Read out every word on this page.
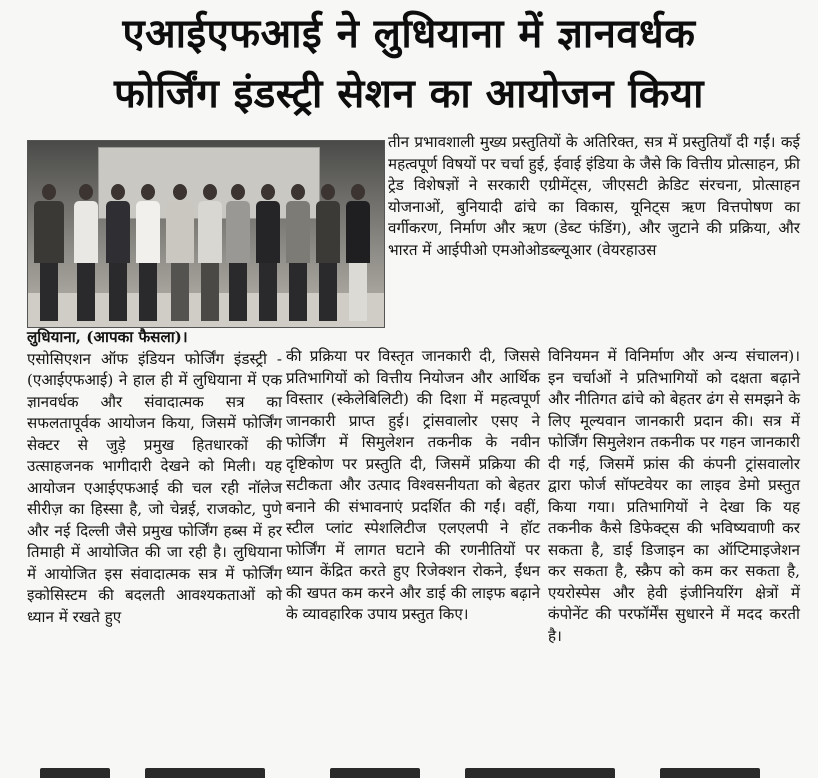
एआईएफआई ने लुधियाना में ज्ञानवर्धक
फोर्जिंग इंडस्ट्री सेशन का आयोजन किया

तीन प्रभावशाली मुख्य प्रस्तुतियों के अतिरिक्त, सत्र में प्रस्तुतियाँ दी गईं। कई महत्वपूर्ण विषयों पर चर्चा हुई, ईवाई इंडिया के जैसे कि वित्तीय प्रोत्साहन, फ्री ट्रेड विशेषज्ञों ने सरकारी एग्रीमेंट्स, जीएसटी क्रेडिट संरचना, प्रोत्साहन योजनाओं, बुनियादी ढांचे का विकास, यूनिट्स ऋण वित्तपोषण का वर्गीकरण, निर्माण और ऋण (डेब्ट फंडिंग), और जुटाने की प्रक्रिया, और भारत में आईपीओ एमओओडब्ल्यूआर (वेयरहाउस

लुधियाना, (आपका फैसला)।

एसोसिएशन ऑफ इंडियन फोर्जिंग इंडस्ट्री - (एआईएफआई) ने हाल ही में लुधियाना में एक ज्ञानवर्धक और संवादात्मक सत्र का सफलतापूर्वक आयोजन किया, जिसमें फोर्जिंग सेक्टर से जुड़े प्रमुख हितधारकों की उत्साहजनक भागीदारी देखने को मिली। यह आयोजन एआईएफआई की चल रही नॉलेज सीरीज़ का हिस्सा है, जो चेन्नई, राजकोट, पुणे और नई दिल्ली जैसे प्रमुख फोर्जिंग हब्स में हर तिमाही में आयोजित की जा रही है। लुधियाना में आयोजित इस संवादात्मक सत्र में फोर्जिंग इकोसिस्टम की बदलती आवश्यकताओं को ध्यान में रखते हुए

की प्रक्रिया पर विस्तृत जानकारी दी, जिससे प्रतिभागियों को वित्तीय नियोजन और आर्थिक विस्तार (स्केलेबिलिटी) की दिशा में महत्वपूर्ण जानकारी प्राप्त हुई। ट्रांसवालोर एसए ने फोर्जिंग में सिमुलेशन तकनीक के नवीन दृष्टिकोण पर प्रस्तुति दी, जिसमें प्रक्रिया की सटीकता और उत्पाद विश्वसनीयता को बेहतर बनाने की संभावनाएं प्रदर्शित की गईं। वहीं, स्टील प्लांट स्पेशलिटीज एलएलपी ने हॉट फोर्जिंग में लागत घटाने की रणनीतियों पर ध्यान केंद्रित करते हुए रिजेक्शन रोकने, ईंधन की खपत कम करने और डाई की लाइफ बढ़ाने के व्यावहारिक उपाय प्रस्तुत किए।

विनियमन में विनिर्माण और अन्य संचालन)। इन चर्चाओं ने प्रतिभागियों को दक्षता बढ़ाने और नीतिगत ढांचे को बेहतर ढंग से समझने के लिए मूल्यवान जानकारी प्रदान की। सत्र में फोर्जिंग सिमुलेशन तकनीक पर गहन जानकारी दी गई, जिसमें फ्रांस की कंपनी ट्रांसवालोर द्वारा फोर्ज सॉफ्टवेयर का लाइव डेमो प्रस्तुत किया गया। प्रतिभागियों ने देखा कि यह तकनीक कैसे डिफेक्ट्स की भविष्यवाणी कर सकता है, डाई डिजाइन का ऑप्टिमाइजेशन कर सकता है, स्क्रैप को कम कर सकता है, एयरोस्पेस और हेवी इंजीनियरिंग क्षेत्रों में कंपोनेंट की परफॉर्मेंस सुधारने में मदद करती है।
